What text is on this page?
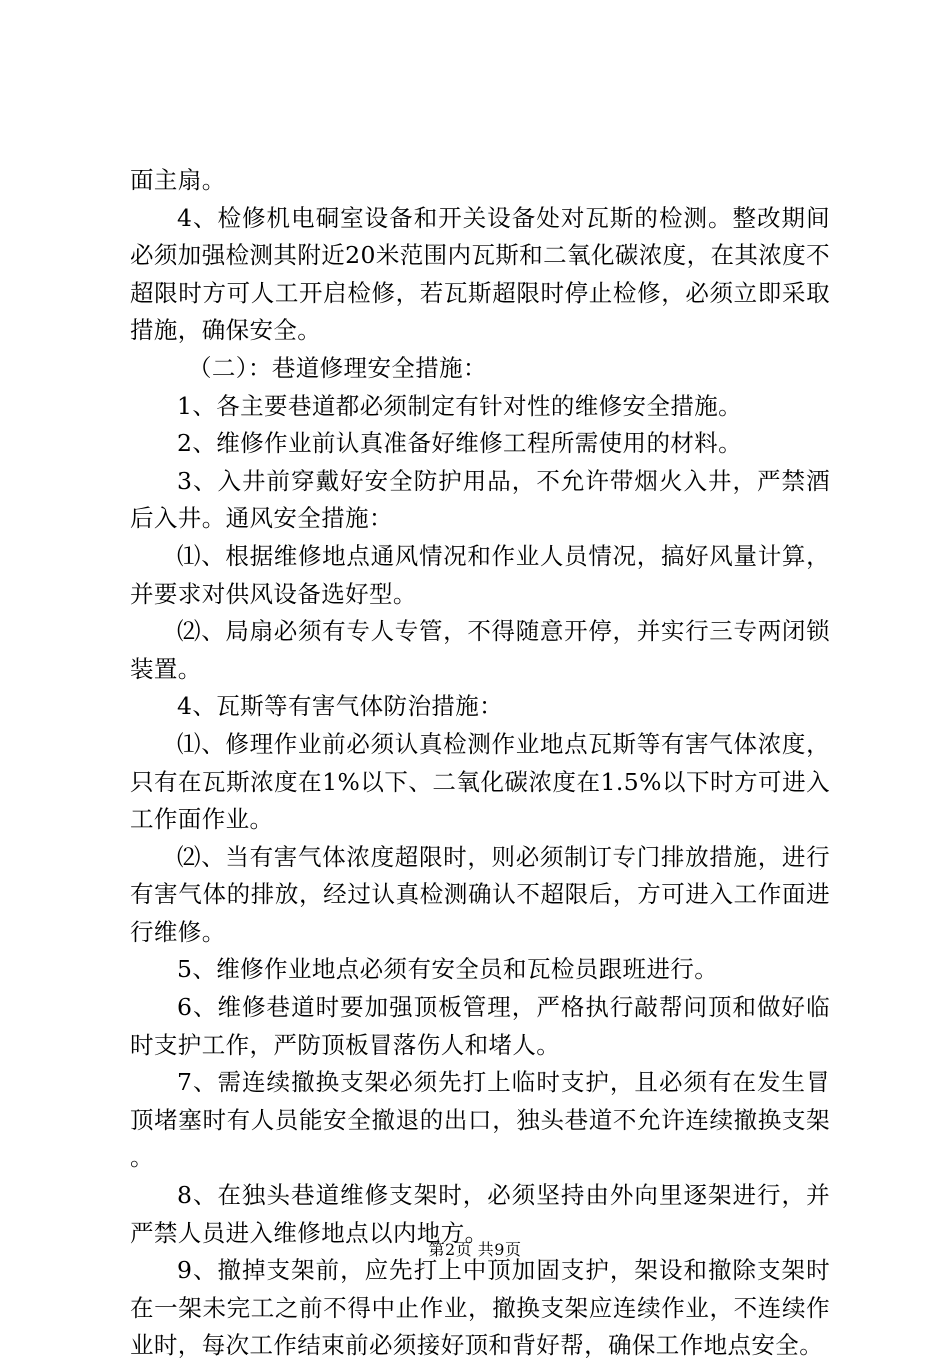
面主扇。

4、检修机电硐室设备和开关设备处对瓦斯的检测。整改期间必须加强检测其附近20米范围内瓦斯和二氧化碳浓度，在其浓度不超限时方可人工开启检修，若瓦斯超限时停止检修，必须立即采取措施，确保安全。

（二）：巷道修理安全措施：

1、各主要巷道都必须制定有针对性的维修安全措施。

2、维修作业前认真准备好维修工程所需使用的材料。

3、入井前穿戴好安全防护用品，不允许带烟火入井，严禁酒后入井。通风安全措施：

⑴、根据维修地点通风情况和作业人员情况，搞好风量计算，并要求对供风设备选好型。

⑵、局扇必须有专人专管，不得随意开停，并实行三专两闭锁装置。

4、瓦斯等有害气体防治措施：

⑴、修理作业前必须认真检测作业地点瓦斯等有害气体浓度，只有在瓦斯浓度在1%以下、二氧化碳浓度在1.5%以下时方可进入工作面作业。

⑵、当有害气体浓度超限时，则必须制订专门排放措施，进行有害气体的排放，经过认真检测确认不超限后，方可进入工作面进行维修。

5、维修作业地点必须有安全员和瓦检员跟班进行。

6、维修巷道时要加强顶板管理，严格执行敲帮问顶和做好临时支护工作，严防顶板冒落伤人和堵人。

7、需连续撤换支架必须先打上临时支护，且必须有在发生冒顶堵塞时有人员能安全撤退的出口，独头巷道不允许连续撤换支架。

8、在独头巷道维修支架时，必须坚持由外向里逐架进行，并严禁人员进入维修地点以内地方。

9、撤掉支架前，应先打上中顶加固支护，架设和撤除支架时在一架未完工之前不得中止作业，撤换支架应连续作业，不连续作业时，每次工作结束前必须接好顶和背好帮，确保工作地点安全。

第2页 共9页
